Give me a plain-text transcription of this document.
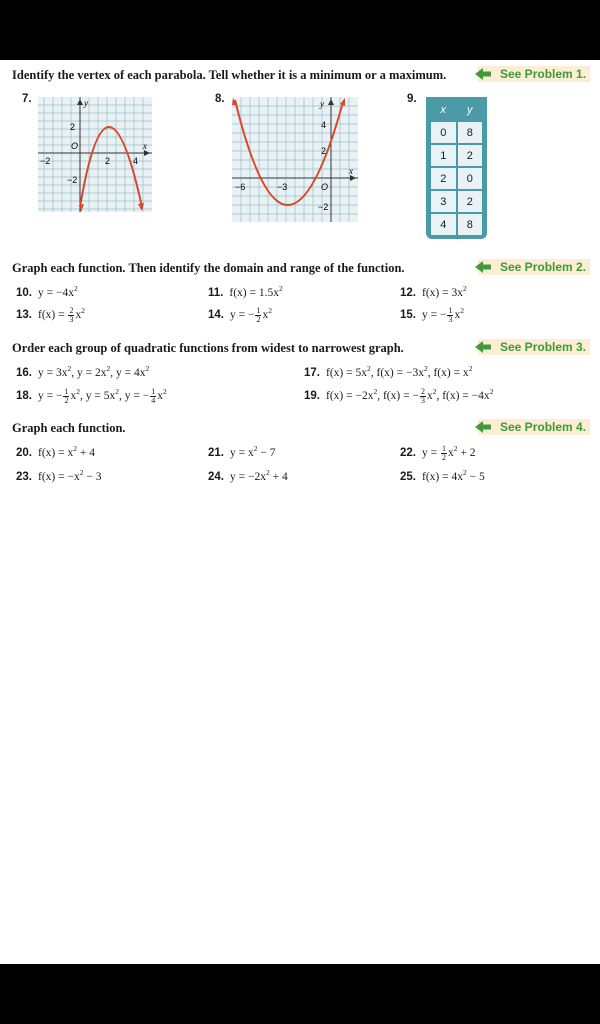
Identify the vertex of each parabola. Tell whether it is a minimum or a maximum.	See Problem 1.
7.	y
x
2
−2
O
2	4
−2
8.	y
x
4
2
−6	−3	O
−2
9.
x	y
0	8
1	2
2	0
3	2
4	8
Graph each function. Then identify the domain and range of the function.	See Problem 2.
10. $y = -4x^2$	11. $f(x) = 1.5x^2$	12. $f(x) = 3x^2$
13. $f(x) = \frac{2}{3} x^2$	14. y = − $\frac{1}{2} x^2$	15. y = − $\frac{1}{3} x^2$
Order each group of quadratic functions from widest to narrowest graph.	See Problem 3.
16. $y = 3x^2$, $y = 2x^2$, $y = 4x^2$	17. $f(x) = 5x^2$, $f(x) = -3x^2$, $f(x) = x^2$
18. y = − $\frac{1}{2} x^2$, $y = 5x^2$, y = − $\frac{1}{4} x^2$	19. $f(x) = -2x^2$, f(x) = − $\frac{2}{3} x^2$, $f(x) = -4x^2$
Graph each function.	See Problem 4.
20. $f(x) = x^2 + 4$	21. $y = x^2 - 7$	22. $y = \frac{1}{2} x^2 + 2$
23. $f(x) = -x^2 - 3$	24. $y = -2x^2 + 4$	25. $f(x) = 4x^2 - 5$
